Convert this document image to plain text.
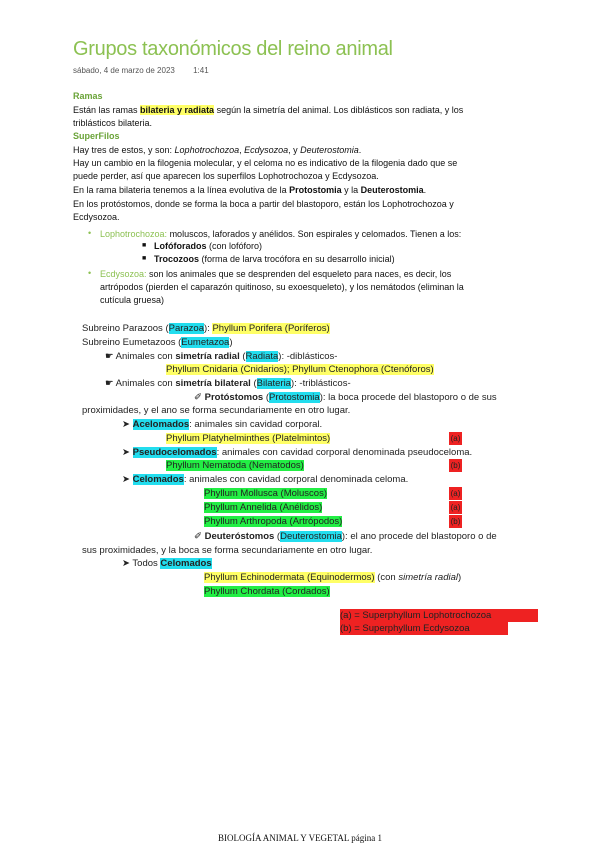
Grupos taxonómicos del reino animal
sábado, 4 de marzo de 2023 1:41
Ramas
Están las ramas bilateria y radiata según la simetría del animal. Los diblásticos son radiata, y los
triblásticos bilateria.
SuperFilos
Hay tres de estos, y son: Lophotrochozoa, Ecdysozoa, y Deuterostomia.
Hay un cambio en la filogenia molecular, y el celoma no es indicativo de la filogenia dado que se
puede perder, así que aparecen los superfilos Lophotrochozoa y Ecdysozoa.
En la rama bilateria tenemos a la línea evolutiva de la Protostomia y la Deuterostomia.
En los protóstomos, donde se forma la boca a partir del blastoporo, están los Lophotrochozoa y
Ecdysozoa.
• Lophotrochozoa: moluscos, laforados y anélidos. Son espirales y celomados. Tienen a los:
■ Lofóforados (con lofóforo)
■ Trocozoos (forma de larva trocófora en su desarrollo inicial)
• Ecdysozoa: son los animales que se desprenden del esqueleto para naces, es decir, los
artrópodos (pierden el caparazón quitinoso, su exoesqueleto), y los nemátodos (eliminan la
cutícula gruesa)
Subreino Parazoos (Parazoa): Phyllum Porifera (Poríferos)
Subreino Eumetazoos (Eumetazoa)
☛ Animales con simetría radial (Radiata): -diblásticos-
Phyllum Cnidaria (Cnidarios); Phyllum Ctenophora (Ctenóforos)
☛ Animales con simetría bilateral (Bilateria): -triblásticos-
✐ Protóstomos (Protostomia): la boca procede del blastoporo o de sus
proximidades, y el ano se forma secundariamente en otro lugar.
➤ Acelomados: animales sin cavidad corporal.
Phyllum Platyhelminthes (Platelmintos)	(a)
➤ Pseudocelomados: animales con cavidad corporal denominada pseudoceloma.
Phyllum Nematoda (Nematodos)	(b)
➤ Celomados: animales con cavidad corporal denominada celoma.
Phyllum Mollusca (Moluscos)	(a)
Phyllum Annelida (Anélidos)	(a)
Phyllum Arthropoda (Artrópodos)	(b)
✐ Deuteróstomos (Deuterostomia): el ano procede del blastoporo o de
sus proximidades, y la boca se forma secundariamente en otro lugar.
➤ Todos Celomados
Phyllum Echinodermata (Equinodermos) (con simetría radial)
Phyllum Chordata (Cordados)
(a) = Superphyllum Lophotrochozoa
(b) = Superphyllum Ecdysozoa
BIOLOGÍA ANIMAL Y VEGETAL página 1
